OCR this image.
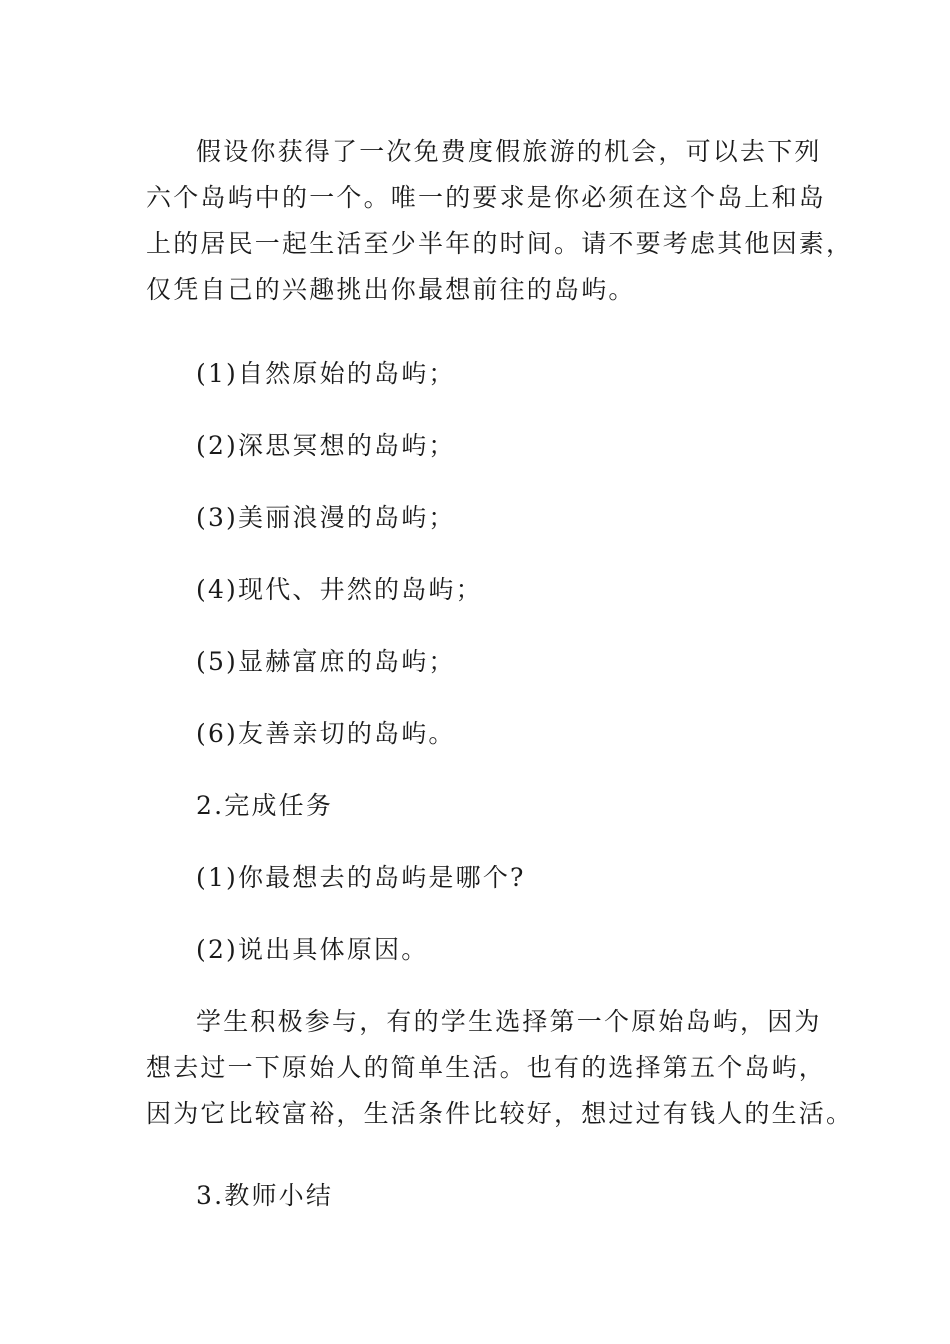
假设你获得了一次免费度假旅游的机会，可以去下列
六个岛屿中的一个。唯一的要求是你必须在这个岛上和岛
上的居民一起生活至少半年的时间。请不要考虑其他因素，
仅凭自己的兴趣挑出你最想前往的岛屿。

(1)自然原始的岛屿；

(2)深思冥想的岛屿；

(3)美丽浪漫的岛屿；

(4)现代、井然的岛屿；

(5)显赫富庶的岛屿；

(6)友善亲切的岛屿。

2.完成任务

(1)你最想去的岛屿是哪个?

(2)说出具体原因。

学生积极参与，有的学生选择第一个原始岛屿，因为
想去过一下原始人的简单生活。也有的选择第五个岛屿，
因为它比较富裕，生活条件比较好，想过过有钱人的生活。

3.教师小结
